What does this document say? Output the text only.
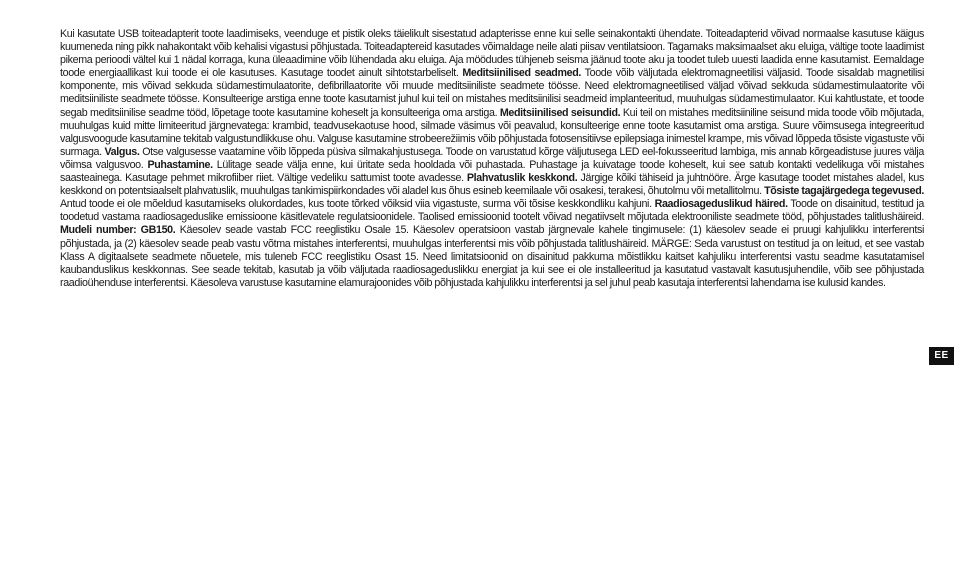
Kui kasutate USB toiteadapterit toote laadimiseks, veenduge et pistik oleks täielikult sisestatud adapterisse enne kui selle seinakontakti ühendate. Toiteadapterid võivad normaalse kasutuse käigus kuumeneda ning pikk nahakontakt võib kehalisi vigastusi põhjustada. Toiteadaptereid kasutades võimaldage neile alati piisav ventilatsioon. Tagamaks maksimaalset aku eluiga, vältige toote laadimist pikema perioodi vältel kui 1 nädal korraga, kuna üleaadimine võib lühendada aku eluiga. Aja möödudes tühjeneb seisma jäänud toote aku ja toodet tuleb uuesti laadida enne kasutamist. Eemaldage toode energiaallikast kui toode ei ole kasutuses. Kasutage toodet ainult sihtotstarbeliselt. Meditsiinilised seadmed. Toode võib väljutada elektromagneetilisi väljasid. Toode sisaldab magnetilisi komponente, mis võivad sekkuda südamestimulaatorite, defibrillaatorite või muude meditsiiniliste seadmete töösse. Need elektromagneetilised väljad võivad sekkuda südamestimulaatorite või meditsiiniliste seadmete töösse. Konsulteerige arstiga enne toote kasutamist juhul kui teil on mistahes meditsiinilisi seadmeid implanteeritud, muuhulgas südamestimulaator. Kui kahtlustate, et toode segab meditsiinilise seadme tööd, lõpetage toote kasutamine koheselt ja konsulteeriga oma arstiga. Meditsiinilised seisundid. Kui teil on mistahes meditsiiniline seisund mida toode võib mõjutada, muuhulgas kuid mitte limiteeritud järgnevatega: krambid, teadvusekaotuse hood, silmade väsimus või peavalud, konsulteerige enne toote kasutamist oma arstiga. Suure võimsusega integreeritud valgusvoogude kasutamine tekitab valgustundlikkuse ohu. Valguse kasutamine strobeerežiimis võib põhjustada fotosensitiivse epilepsiaga inimestel krampe, mis võivad lõppeda tõsiste vigastuste või surmaga. Valgus. Otse valgusesse vaatamine võib lõppeda püsiva silmakahjustusega. Toode on varustatud kõrge väljutusega LED eel-fokusseeritud lambiga, mis annab kõrgeadistuse juures välja võimsa valgusvoo. Puhastamine. Lülitage seade välja enne, kui üritate seda hooldada või puhastada. Puhastage ja kuivatage toode koheselt, kui see satub kontakti vedelikuga või mistahes saasteainega. Kasutage pehmet mikrofiiber riiet. Vältige vedeliku sattumist toote avadesse. Plahvatuslik keskkond. Järgige kõiki tähiseid ja juhtnööre. Ärge kasutage toodet mistahes aladel, kus keskkond on potentsiaalselt plahvatuslik, muuhulgas tankimispiirkondades või aladel kus õhus esineb keemilaale või osakesi, terakesi, õhutolmu või metallitolmu. Tõsiste tagajärgedega tegevused. Antud toode ei ole mõeldud kasutamiseks olukordades, kus toote tõrked võiksid viia vigastuste, surma või tõsise keskkondliku kahjuni. Raadiosageduslikud häired. Toode on disainitud, testitud ja toodetud vastama raadiosageduslike emissioone käsitlevatele regulatsioonidele. Taolised emissioonid tootelt võivad negatiivselt mõjutada elektrooniliste seadmete tööd, põhjustades talitlushäireid. Mudeli number: GB150. Käesolev seade vastab FCC reeglistiku Osale 15. Käesolev operatsioon vastab järgnevale kahele tingimusele: (1) käesolev seade ei pruugi kahjulikku interferentsi põhjustada, ja (2) käesolev seade peab vastu võtma mistahes interferentsi, muuhulgas interferentsi mis võib põhjustada talitlushäireid. MÄRGE: Seda varustust on testitud ja on leitud, et see vastab Klass A digitaalsete seadmete nõuetele, mis tuleneb FCC reeglistiku Osast 15. Need limitatsioonid on disainitud pakkuma mõistlikku kaitset kahjuliku interferentsi vastu seadme kasutatamisel kaubanduslikus keskkonnas. See seade tekitab, kasutab ja võib väljutada raadiosageduslikku energiat ja kui see ei ole installeeritud ja kasutatud vastavalt kasutusjuhendile, võib see põhjustada raadioühenduse interferentsi. Käesoleva varustuse kasutamine elamurajoonides võib põhjustada kahjulikku interferentsi ja sel juhul peab kasutaja interferentsi lahendama ise kulusid kandes.

EE
